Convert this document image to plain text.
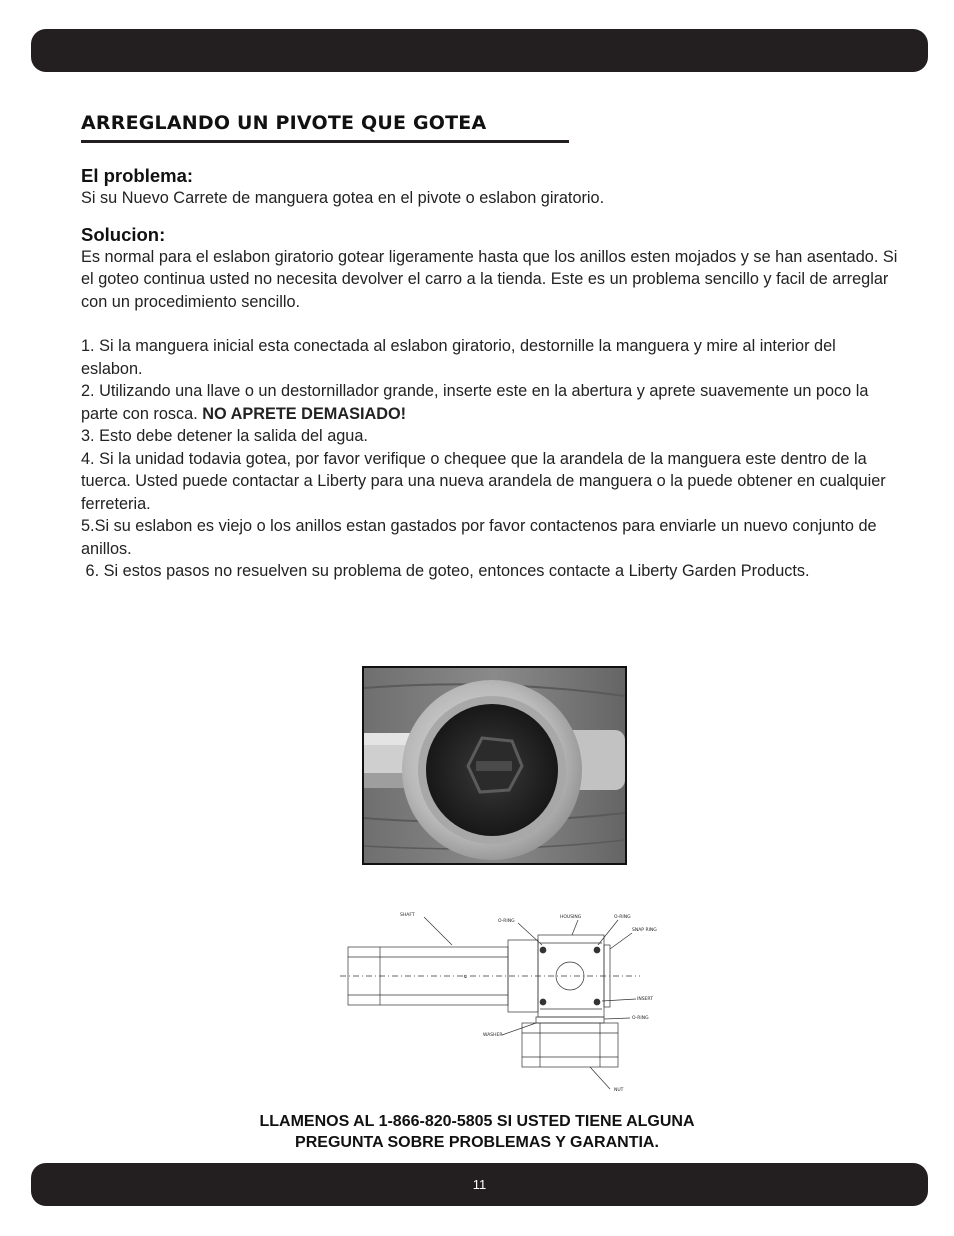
ARREGLANDO UN PIVOTE QUE GOTEA
El problema:

Si su Nuevo Carrete de manguera gotea en el pivote o eslabon giratorio.

Solucion:

Es normal para el eslabon giratorio gotear ligeramente hasta que los anillos esten mojados y se han asentado. Si el goteo continua usted no necesita devolver el carro a la tienda. Este es un problema sencillo y facil de arreglar con un procedimiento sencillo.

1. Si la manguera inicial esta conectada al eslabon giratorio, destornille la manguera y mire al interior del eslabon.

2. Utilizando una llave o un destornillador grande, inserte este en la abertura y aprete suavemente un poco la parte con rosca. NO APRETE DEMASIADO!

3. Esto debe detener la salida del agua.

4. Si la unidad todavia gotea, por favor verifique o chequee que la arandela de la manguera este dentro de la tuerca. Usted puede contactar a Liberty para una nueva arandela de manguera o la puede obtener en cualquier ferreteria.

5.Si su eslabon es viejo o los anillos estan gastados por favor contactenos para enviarle un nuevo conjunto de anillos.

6. Si estos pasos no resuelven su problema de goteo, entonces contacte a Liberty Garden Products.

SHAFT
O-RING
HOUSING	O-RING
SNAP RING
INSERT
O-RING
WASHER
NUT
℄
LLAMENOS AL 1-866-820-5805 SI USTED TIENE ALGUNA
PREGUNTA SOBRE PROBLEMAS Y GARANTIA.
11
